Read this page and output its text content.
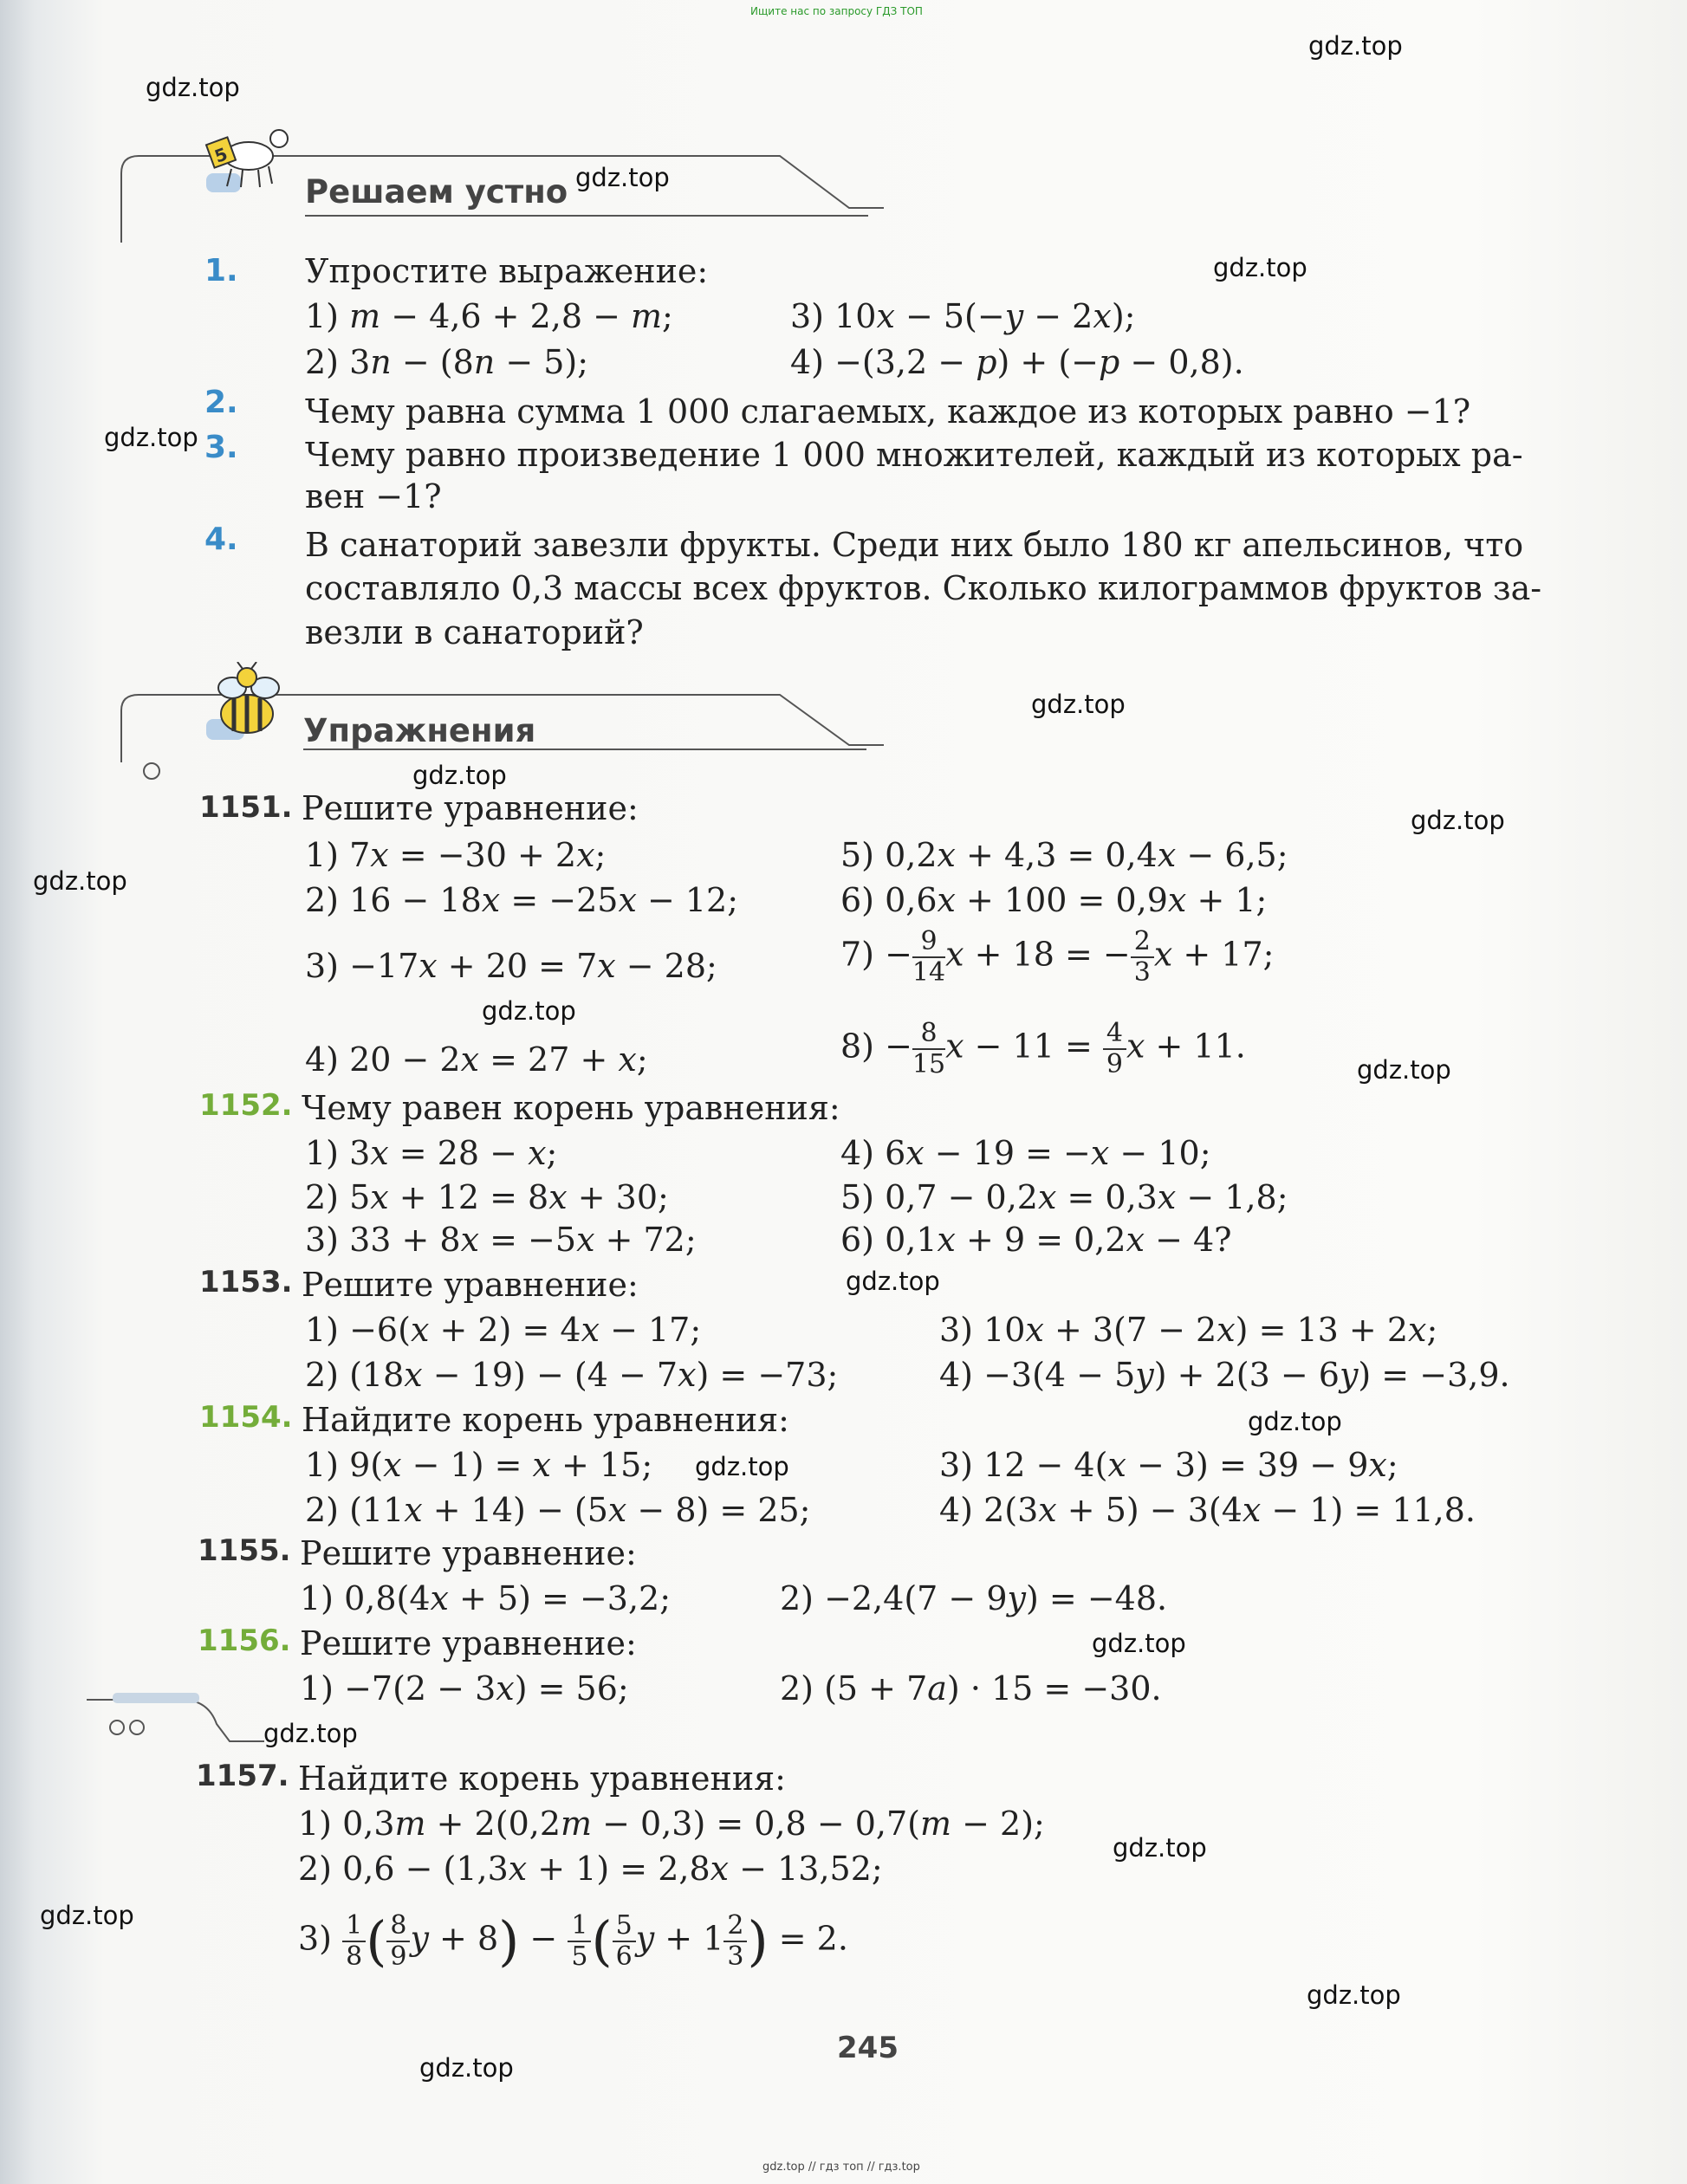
Ищите нас по запросу ГДЗ ТОП
gdz.top // гдз топ // гдз.top
5
Решаем устно
1. Упростите выражение:
1) m − 4,6 + 2,8 − m;	3) 10x − 5(−y − 2x);
2) 3n − (8n − 5);	4) −(3,2 − p) + (−p − 0,8).
2. Чему равна сумма 1 000 слагаемых, каждое из которых равно −1?
3. Чему равно произведение 1 000 множителей, каждый из которых ра-
вен −1?
4. В санаторий завезли фрукты. Среди них было 180 кг апельсинов, что
составляло 0,3 массы всех фруктов. Сколько килограммов фруктов за-
везли в санаторий?
Упражнения
1151. Решите уравнение:
1) 7x = −30 + 2x;	5) 0,2x + 4,3 = 0,4x − 6,5;
2) 16 − 18x = −25x − 12;	6) 0,6x + 100 = 0,9x + 1;
3) −17x + 20 = 7x − 28;	$7) - \frac{9}{14}$ x + 18 = − $\frac{2}{3}$ x + 17;
4) 20 − 2x = 27 + x;	$8) - \frac{8}{15}$ $x - 11 = \frac{4}{9}$ x + 11.
1152. Чему равен корень уравнения:
1) 3x = 28 − x;	4) 6x − 19 = −x − 10;
2) 5x + 12 = 8x + 30;	5) 0,7 − 0,2x = 0,3x − 1,8;
3) 33 + 8x = −5x + 72;	6) 0,1x + 9 = 0,2x − 4?
1153. Решите уравнение:
1) −6(x + 2) = 4x − 17;	3) 10x + 3(7 − 2x) = 13 + 2x;
2) (18x − 19) − (4 − 7x) = −73;	4) −3(4 − 5y) + 2(3 − 6y) = −3,9.
1154. Найдите корень уравнения:
1) 9(x − 1) = x + 15;	3) 12 − 4(x − 3) = 39 − 9x;
2) (11x + 14) − (5x − 8) = 25;	4) 2(3x + 5) − 3(4x − 1) = 11,8.
1155. Решите уравнение:
1) 0,8(4x + 5) = −3,2;	2) −2,4(7 − 9y) = −48.
1156. Решите уравнение:
1) −7(2 − 3x) = 56;	2) (5 + 7a) · 15 = −30.
1157. Найдите корень уравнения:
1) 0,3m + 2(0,2m − 0,3) = 0,8 − 0,7(m − 2);
2) 0,6 − (1,3x + 1) = 2,8x − 13,52;
$3) \frac{1}{8}$ ( $\frac{8}{9}$ $y + 8) - \frac{1}{5}$ ( $\frac{5}{6}$ $y + 1 \frac{2}{3}$ ) = 2.
245
gdz.top
gdz.top
gdz.top
gdz.top
gdz.top
gdz.top
gdz.top
gdz.top
gdz.top
gdz.top
gdz.top
gdz.top
gdz.top
gdz.top
gdz.top
gdz.top
gdz.top
gdz.top
gdz.top
gdz.top
